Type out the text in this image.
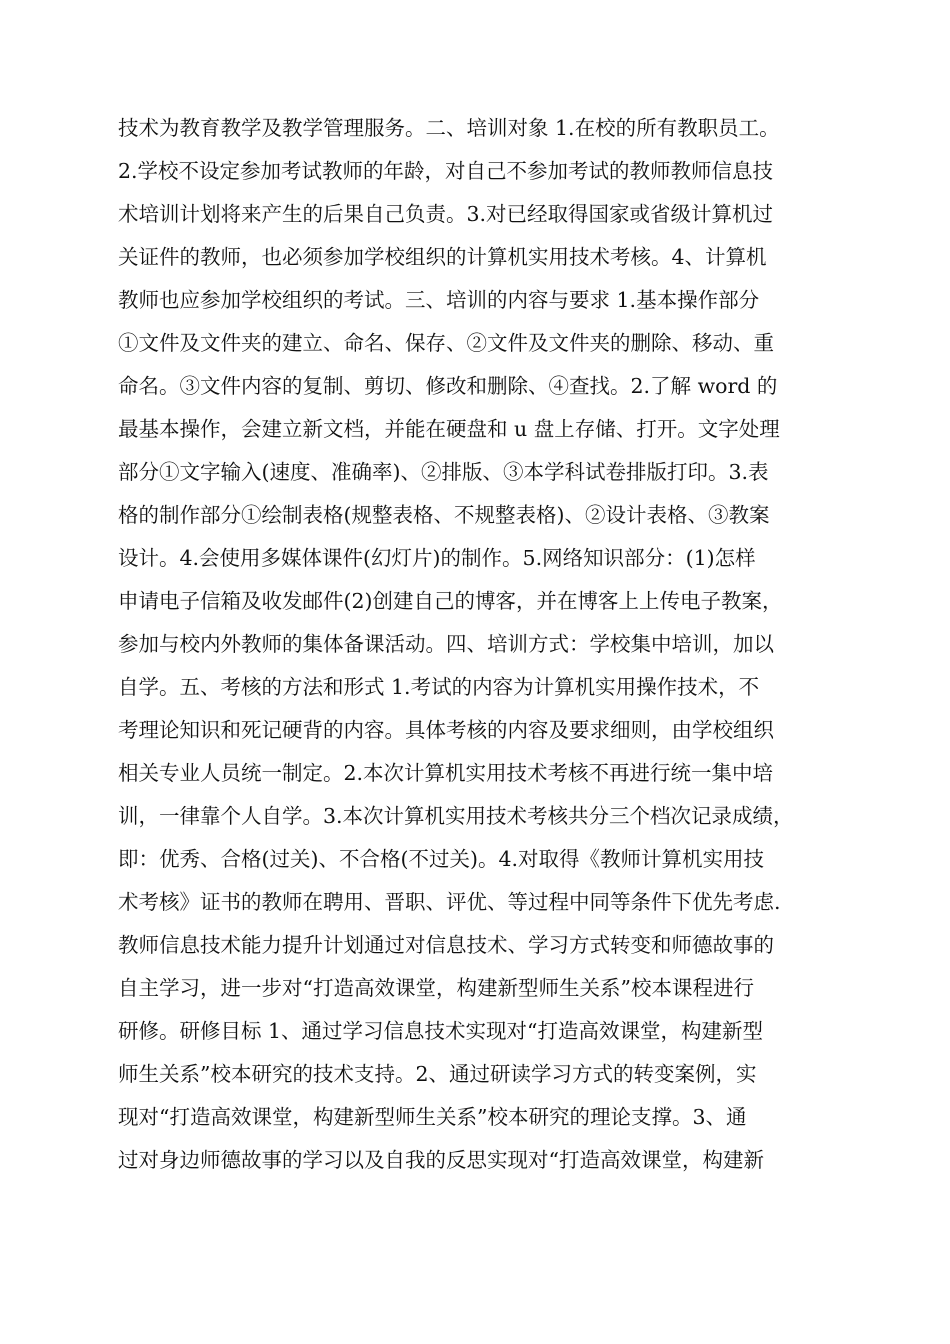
技术为教育教学及教学管理服务。二、培训对象 1.在校的所有教职员工。
2.学校不设定参加考试教师的年龄，对自己不参加考试的教师教师信息技
术培训计划将来产生的后果自己负责。3.对已经取得国家或省级计算机过
关证件的教师，也必须参加学校组织的计算机实用技术考核。4、计算机
教师也应参加学校组织的考试。三、培训的内容与要求 1.基本操作部分
①文件及文件夹的建立、命名、保存、②文件及文件夹的删除、移动、重
命名。③文件内容的复制、剪切、修改和删除、④查找。2.了解 word 的
最基本操作，会建立新文档，并能在硬盘和 u 盘上存储、打开。文字处理
部分①文字输入(速度、准确率)、②排版、③本学科试卷排版打印。3.表
格的制作部分①绘制表格(规整表格、不规整表格)、②设计表格、③教案
设计。4.会使用多媒体课件(幻灯片)的制作。5.网络知识部分：(1)怎样
申请电子信箱及收发邮件(2)创建自己的博客，并在博客上上传电子教案，
参加与校内外教师的集体备课活动。四、培训方式：学校集中培训，加以
自学。五、考核的方法和形式 1.考试的内容为计算机实用操作技术，不
考理论知识和死记硬背的内容。具体考核的内容及要求细则，由学校组织
相关专业人员统一制定。2.本次计算机实用技术考核不再进行统一集中培
训，一律靠个人自学。3.本次计算机实用技术考核共分三个档次记录成绩，
即：优秀、合格(过关)、不合格(不过关)。4.对取得《教师计算机实用技
术考核》证书的教师在聘用、晋职、评优、等过程中同等条件下优先考虑.
教师信息技术能力提升计划通过对信息技术、学习方式转变和师德故事的
自主学习，进一步对“打造高效课堂，构建新型师生关系”校本课程进行
研修。研修目标 1、通过学习信息技术实现对“打造高效课堂，构建新型
师生关系”校本研究的技术支持。2、通过研读学习方式的转变案例，实
现对“打造高效课堂，构建新型师生关系”校本研究的理论支撑。3、通
过对身边师德故事的学习以及自我的反思实现对“打造高效课堂，构建新
